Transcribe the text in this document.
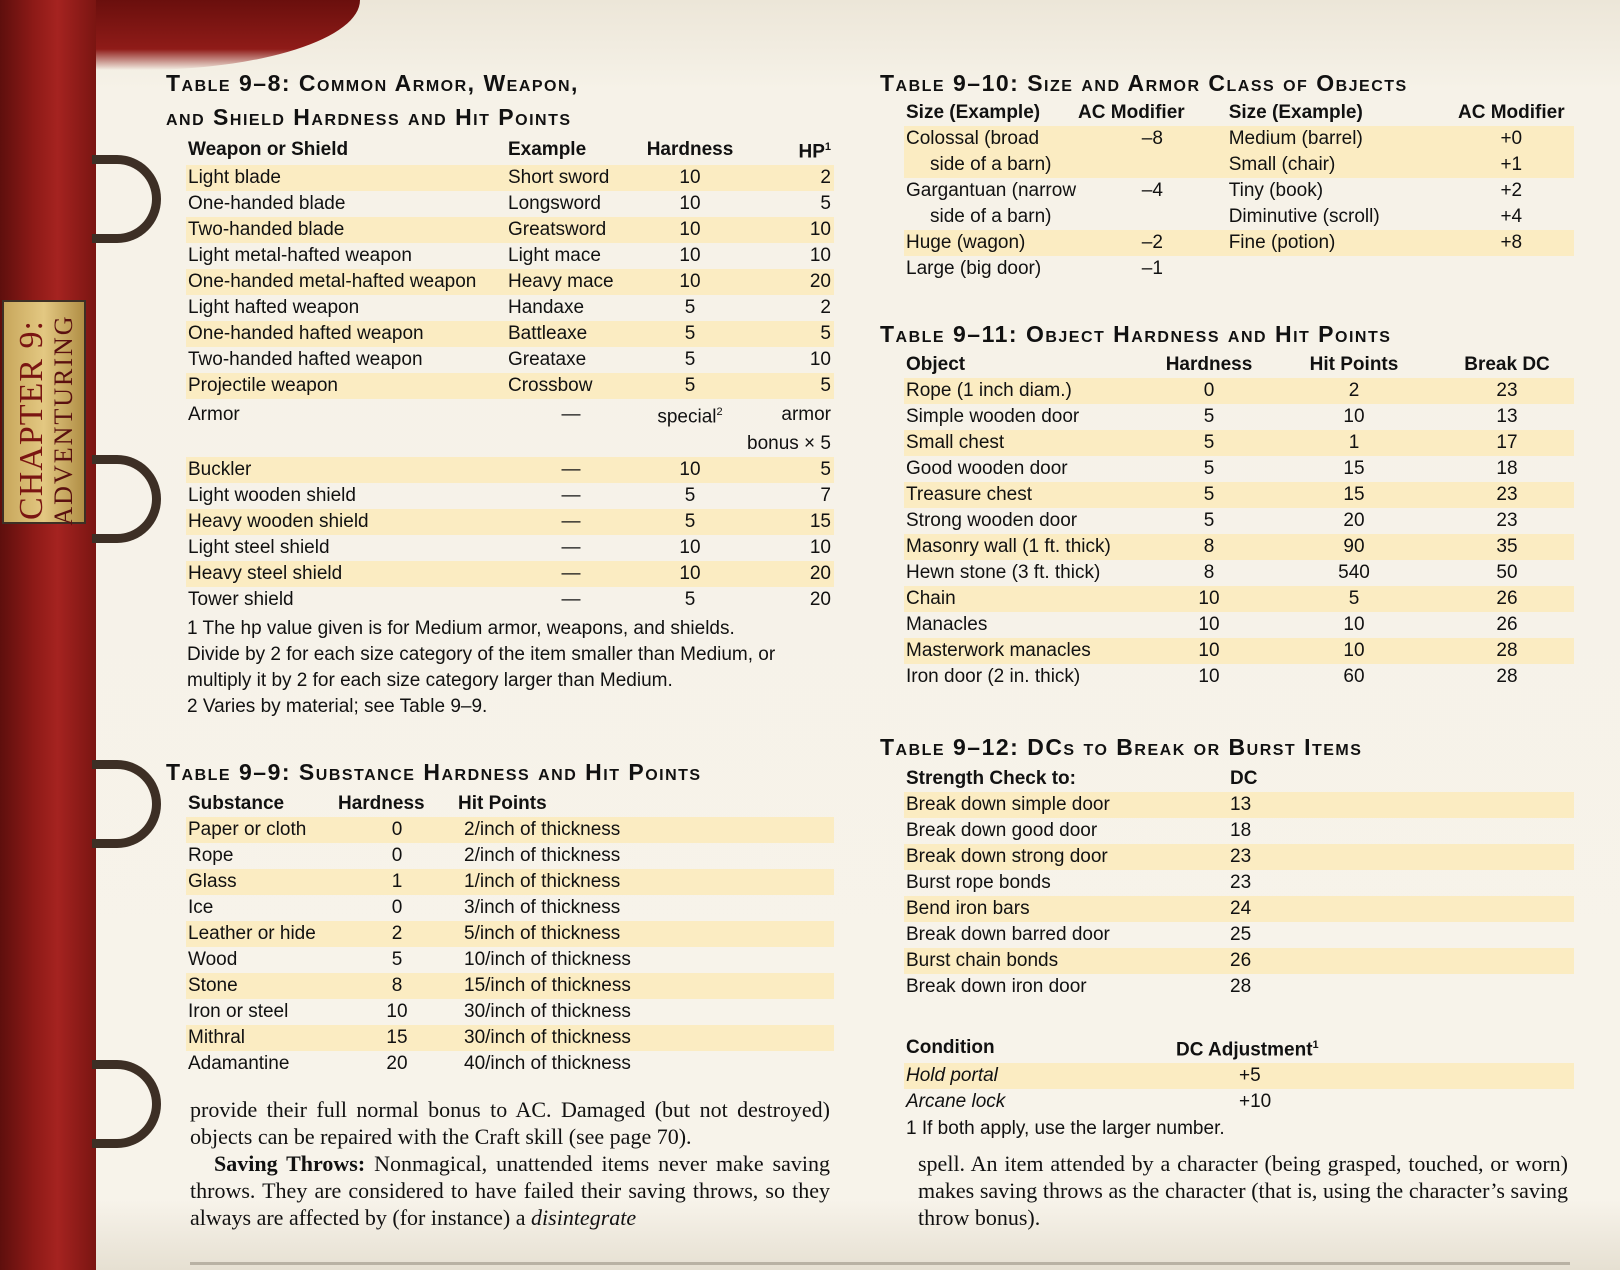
CHAPTER 9: ADVENTURING
Table 9–8: Common Armor, Weapon,
and Shield Hardness and Hit Points
Weapon or Shield	Example	Hardness	$HP^1$
Light blade	Short sword	10	2
One-handed blade	Longsword	10	5
Two-handed blade	Greatsword	10	10
Light metal-hafted weapon	Light mace	10	10
One-handed metal-hafted weapon	Heavy mace	10	20
Light hafted weapon	Handaxe	5	2
One-handed hafted weapon	Battleaxe	5	5
Two-handed hafted weapon	Greataxe	5	10
Projectile weapon	Crossbow	5	5
Armor	—	special$^2$	armor
			bonus × 5
Buckler	—	10	5
Light wooden shield	—	5	7
Heavy wooden shield	—	5	15
Light steel shield	—	10	10
Heavy steel shield	—	10	20
Tower shield	—	5	20
1 The hp value given is for Medium armor, weapons, and shields.
Divide by 2 for each size category of the item smaller than Medium, or
multiply it by 2 for each size category larger than Medium.
2 Varies by material; see Table 9–9.
Table 9–9: Substance Hardness and Hit Points
Substance	Hardness	Hit Points
Paper or cloth	0	2/inch of thickness
Rope	0	2/inch of thickness
Glass	1	1/inch of thickness
Ice	0	3/inch of thickness
Leather or hide	2	5/inch of thickness
Wood	5	10/inch of thickness
Stone	8	15/inch of thickness
Iron or steel	10	30/inch of thickness
Mithral	15	30/inch of thickness
Adamantine	20	40/inch of thickness
provide their full normal bonus to AC. Damaged (but not destroyed) objects can be repaired with the Craft skill (see page 70).
Saving Throws: Nonmagical, unattended items never make saving throws. They are considered to have failed their saving throws, so they always are affected by (for instance) a disintegrate
Table 9–10: Size and Armor Class of Objects
Size (Example)	AC Modifier	Size (Example)	AC Modifier
Colossal (broad	–8	Medium (barrel)	+0
side of a barn)		Small (chair)	+1
Gargantuan (narrow	–4	Tiny (book)	+2
side of a barn)		Diminutive (scroll)	+4
Huge (wagon)	–2	Fine (potion)	+8
Large (big door)	–1		
Table 9–11: Object Hardness and Hit Points
Object	Hardness	Hit Points	Break DC
Rope (1 inch diam.)	0	2	23
Simple wooden door	5	10	13
Small chest	5	1	17
Good wooden door	5	15	18
Treasure chest	5	15	23
Strong wooden door	5	20	23
Masonry wall (1 ft. thick)	8	90	35
Hewn stone (3 ft. thick)	8	540	50
Chain	10	5	26
Manacles	10	10	26
Masterwork manacles	10	10	28
Iron door (2 in. thick)	10	60	28
Table 9–12: DCs to Break or Burst Items
Strength Check to:	DC
Break down simple door	13
Break down good door	18
Break down strong door	23
Burst rope bonds	23
Bend iron bars	24
Break down barred door	25
Burst chain bonds	26
Break down iron door	28
Condition	DC Adjustment$^1$
Hold portal	+5
Arcane lock	+10
1 If both apply, use the larger number.
spell. An item attended by a character (being grasped, touched, or worn) makes saving throws as the character (that is, using the character’s saving throw bonus).
